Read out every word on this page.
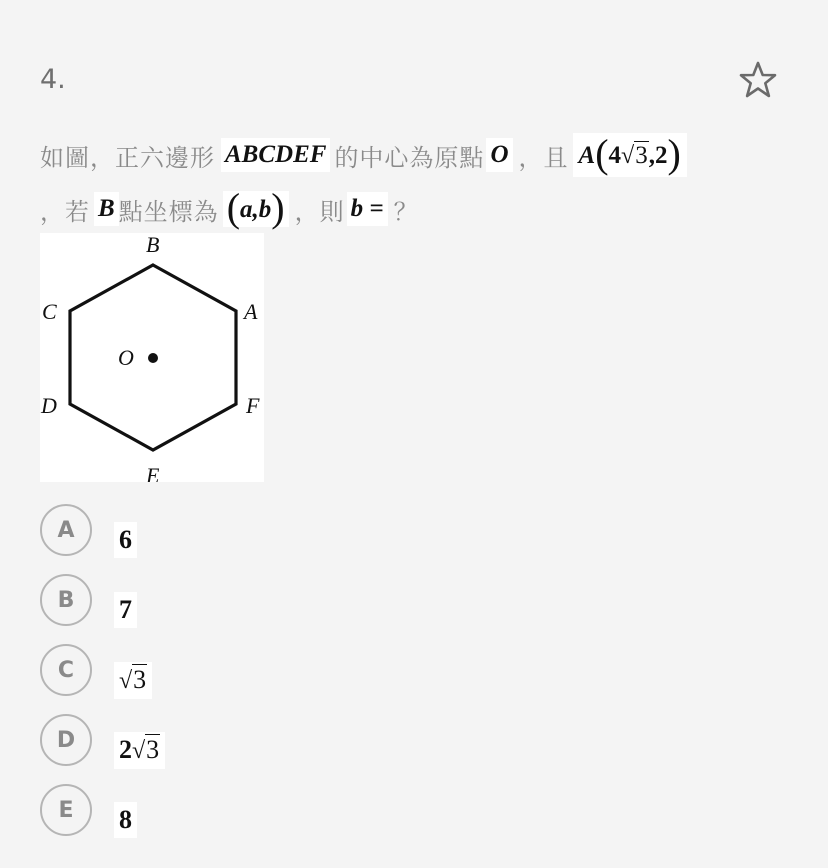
4.
如圖，正六邊形 ABCDEF 的中心為原點 O ，且 A(4√3,2)
，若 B 點坐標為 (a,b) ，則 b = ？
B
A
C
O
D	F
E
A	6
B	7
C	√3
D	2√3
E	8
